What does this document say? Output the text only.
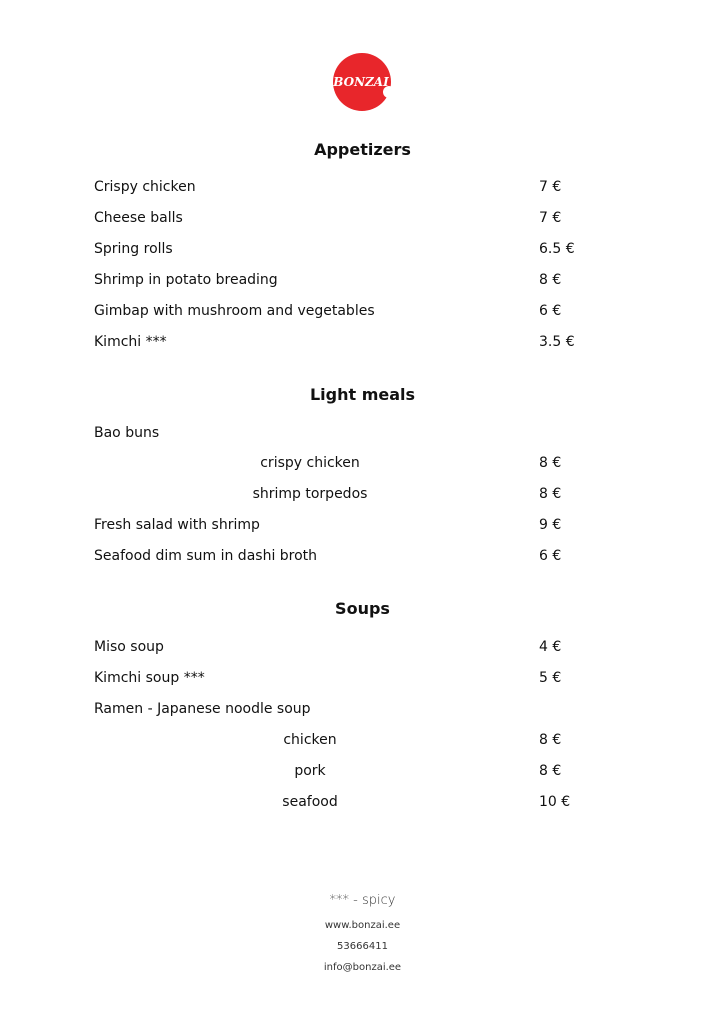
BONZAI
Appetizers
Crispy chicken	7 €
Cheese balls	7 €
Spring rolls	6.5 €
Shrimp in potato breading	8 €
Gimbap with mushroom and vegetables	6 €
Kimchi ***	3.5 €
Light meals
Bao buns
crispy chicken	8 €
shrimp torpedos	8 €
Fresh salad with shrimp	9 €
Seafood dim sum in dashi broth	6 €
Soups
Miso soup	4 €
Kimchi soup ***	5 €
Ramen - Japanese noodle soup
chicken	8 €
pork	8 €
seafood	10 €
*** - spicy
www.bonzai.ee
53666411
info@bonzai.ee
